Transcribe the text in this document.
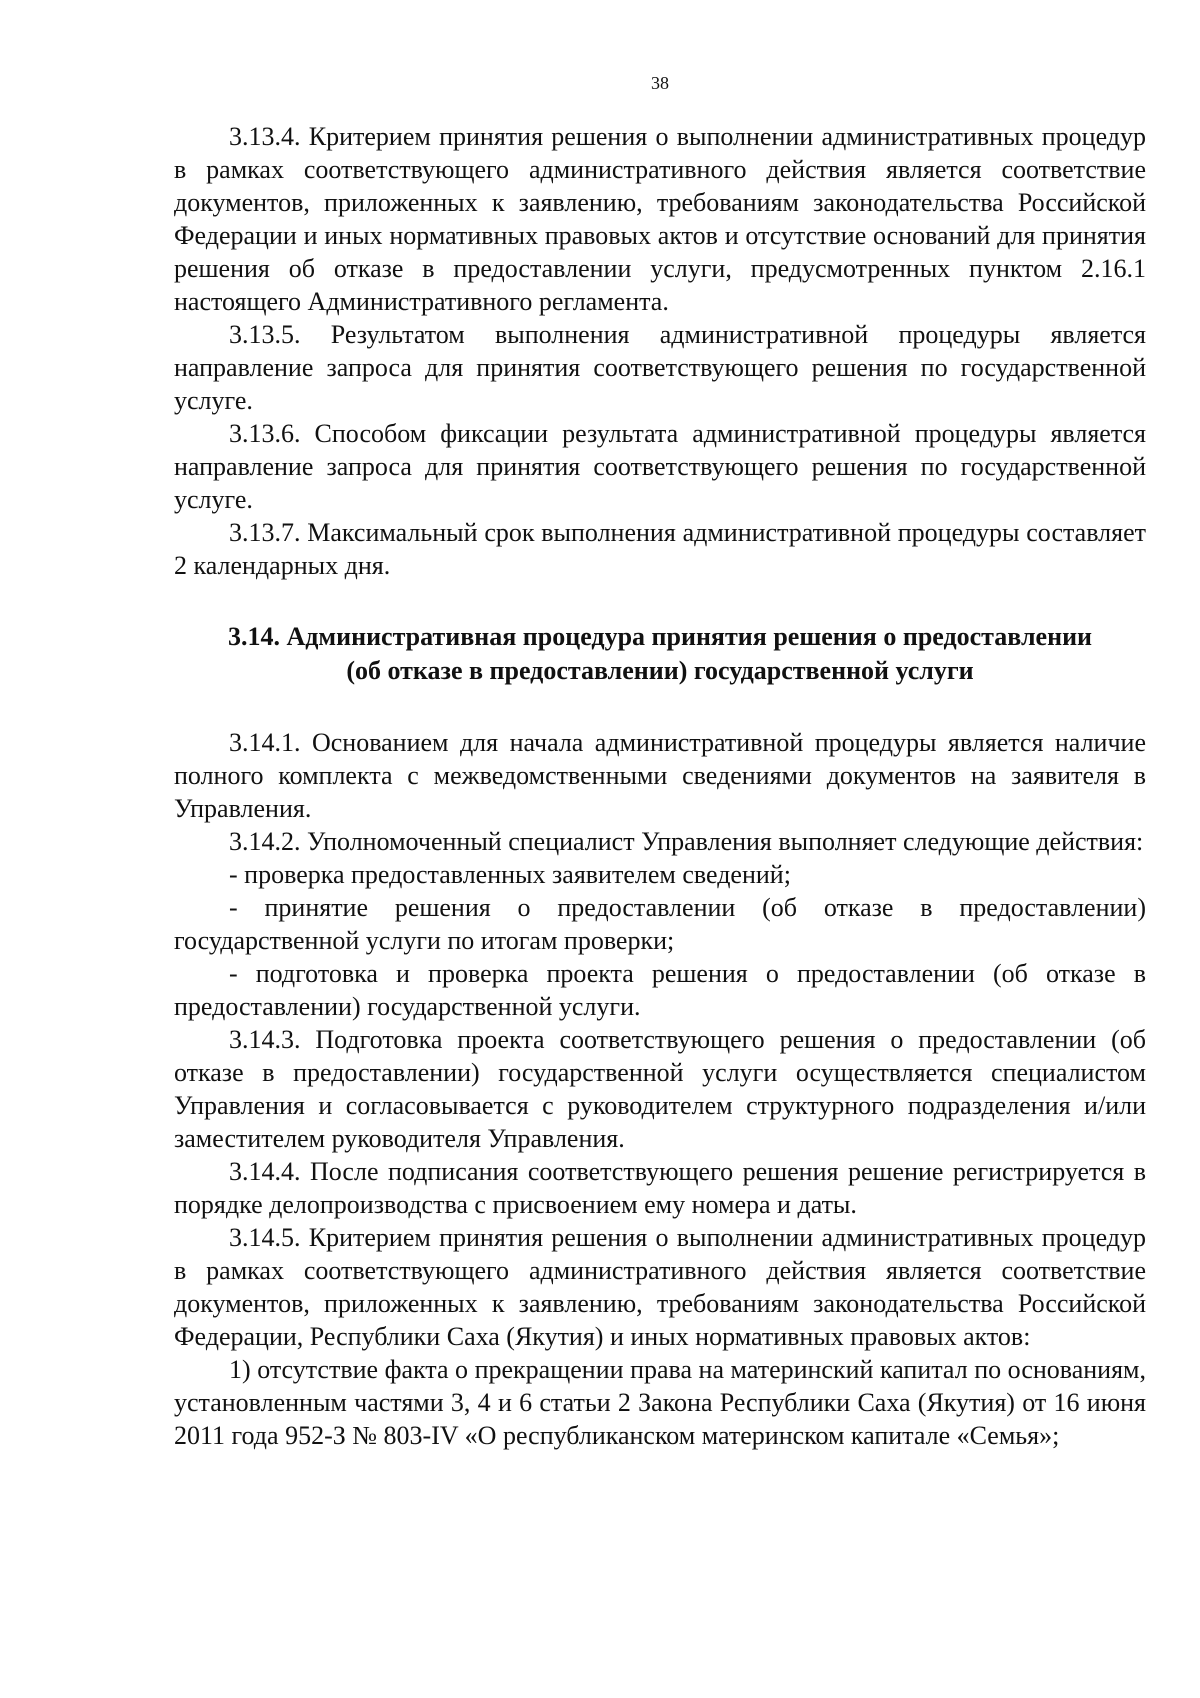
38

3.13.4. Критерием принятия решения о выполнении административных процедур в рамках соответствующего административного действия является соответствие документов, приложенных к заявлению, требованиям законодательства Российской Федерации и иных нормативных правовых актов и отсутствие оснований для принятия решения об отказе в предоставлении услуги, предусмотренных пунктом 2.16.1 настоящего Административного регламента.

3.13.5. Результатом выполнения административной процедуры является направление запроса для принятия соответствующего решения по государственной услуге.

3.13.6. Способом фиксации результата административной процедуры является направление запроса для принятия соответствующего решения по государственной услуге.

3.13.7. Максимальный срок выполнения административной процедуры составляет 2 календарных дня.

3.14. Административная процедура принятия решения о предоставлении
(об отказе в предоставлении) государственной услуги

3.14.1. Основанием для начала административной процедуры является наличие полного комплекта с межведомственными сведениями документов на заявителя в Управления.

3.14.2. Уполномоченный специалист Управления выполняет следующие действия:

- проверка предоставленных заявителем сведений;

- принятие решения о предоставлении (об отказе в предоставлении) государственной услуги по итогам проверки;

- подготовка и проверка проекта решения о предоставлении (об отказе в предоставлении) государственной услуги.

3.14.3. Подготовка проекта соответствующего решения о предоставлении (об отказе в предоставлении) государственной услуги осуществляется специалистом Управления и согласовывается с руководителем структурного подразделения и/или заместителем руководителя Управления.

3.14.4. После подписания соответствующего решения решение регистрируется в порядке делопроизводства с присвоением ему номера и даты.

3.14.5. Критерием принятия решения о выполнении административных процедур в рамках соответствующего административного действия является соответствие документов, приложенных к заявлению, требованиям законодательства Российской Федерации, Республики Саха (Якутия) и иных нормативных правовых актов:

1) отсутствие факта о прекращении права на материнский капитал по основаниям, установленным частями 3, 4 и 6 статьи 2 Закона Республики Саха (Якутия) от 16 июня 2011 года 952-З № 803-IV «О республиканском материнском капитале «Семья»;
